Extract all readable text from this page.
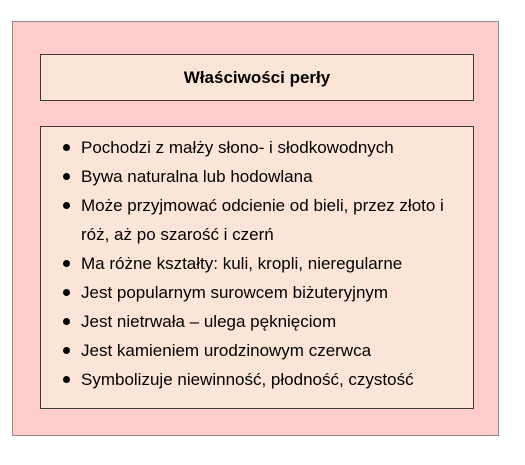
Właściwości perły
Pochodzi z małży słono- i słodkowodnych
Bywa naturalna lub hodowlana
Może przyjmować odcienie od bieli, przez złoto i róż, aż po szarość i czerń
Ma różne kształty: kuli, kropli, nieregularne
Jest popularnym surowcem biżuteryjnym
Jest nietrwała – ulega pęknięciom
Jest kamieniem urodzinowym czerwca
Symbolizuje niewinność, płodność, czystość
